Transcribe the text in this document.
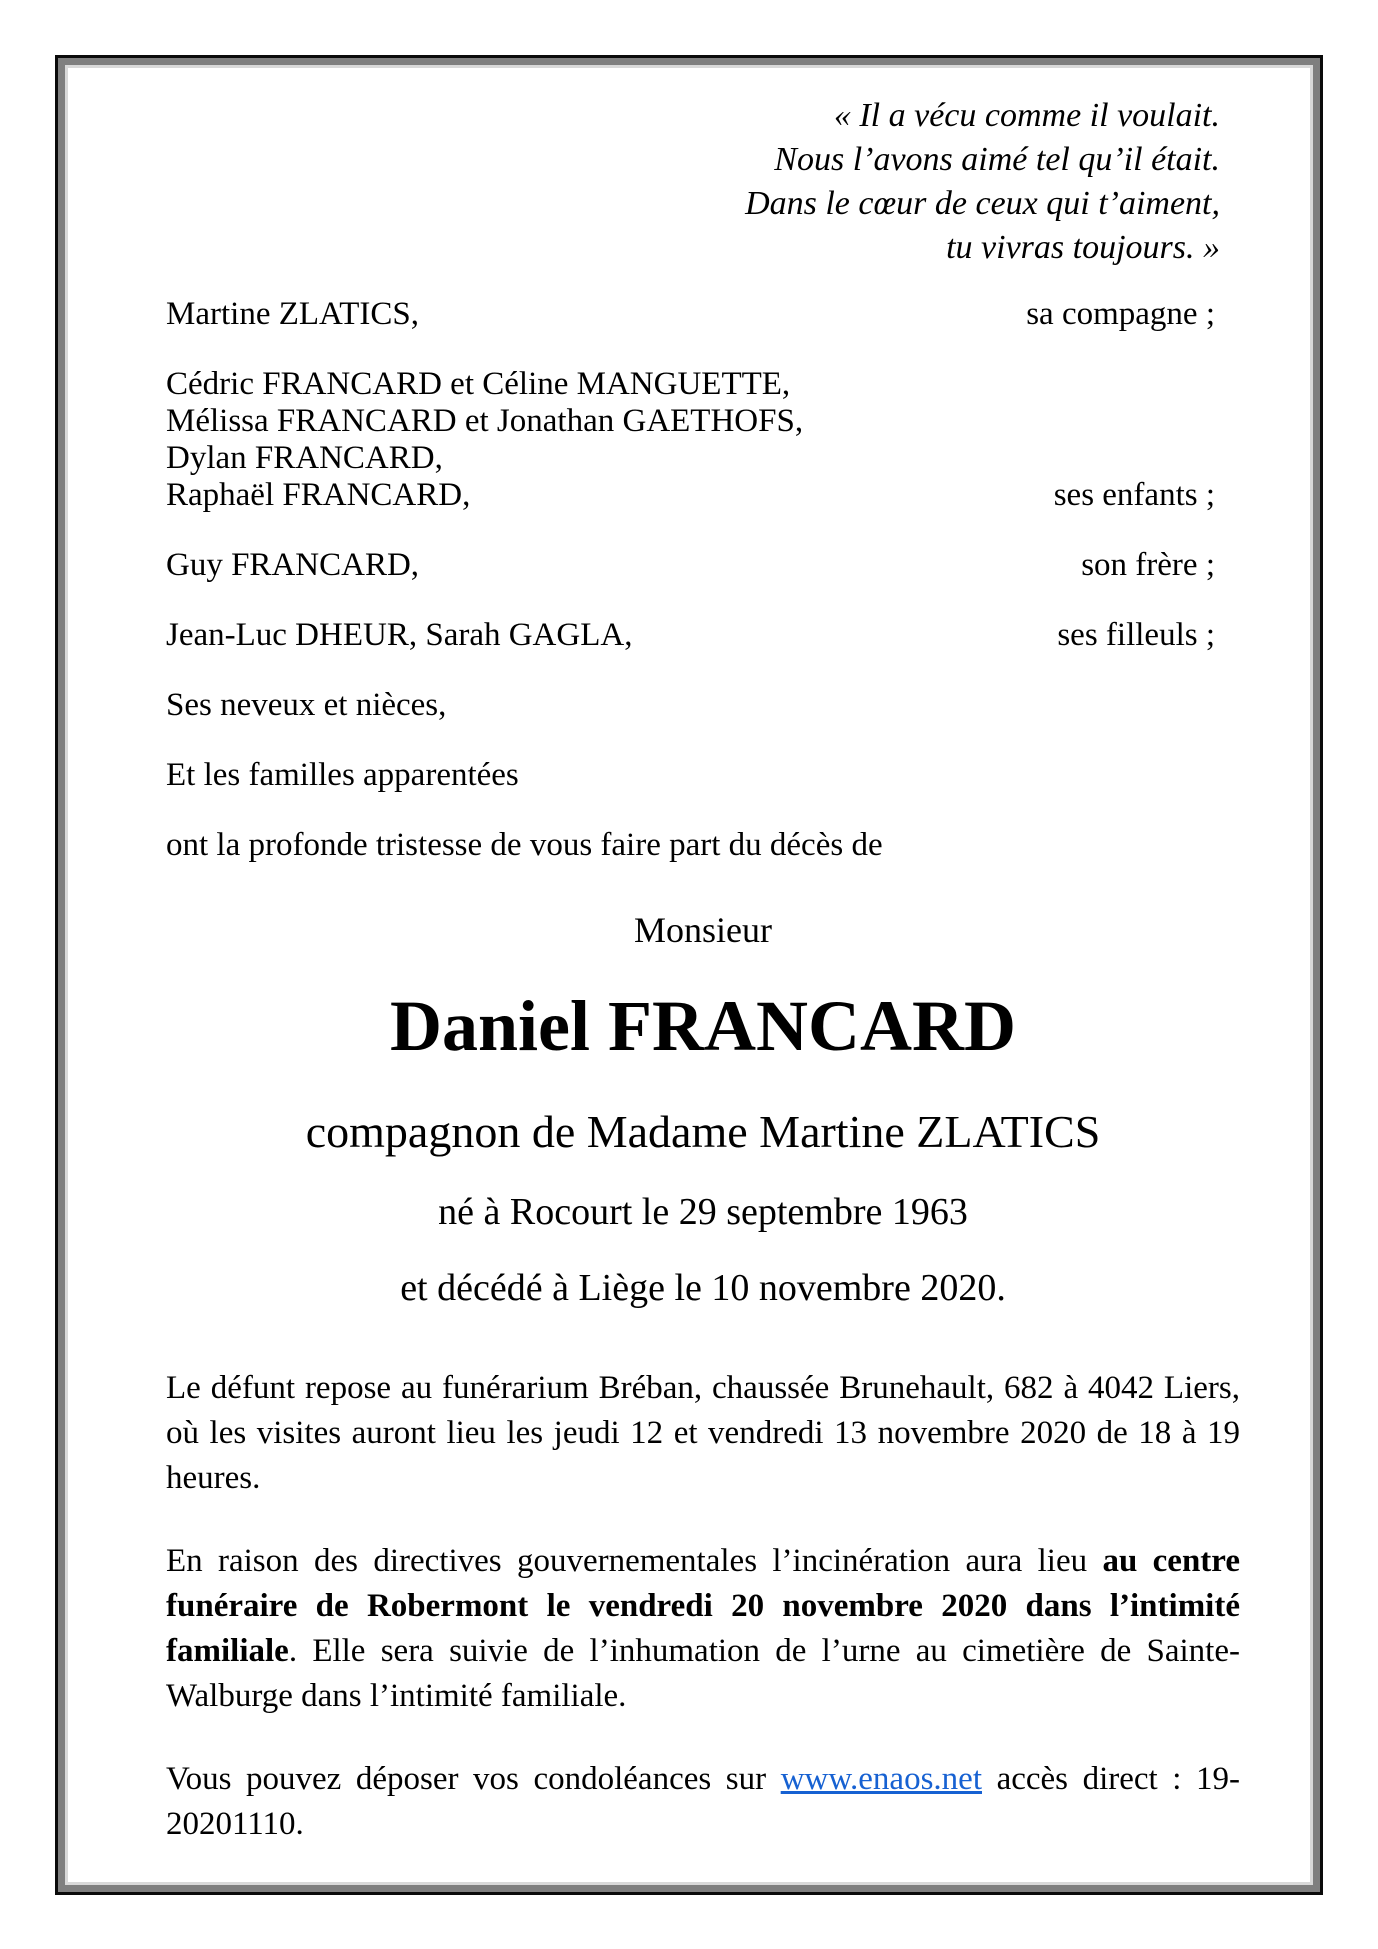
« Il a vécu comme il voulait.
Nous l’avons aimé tel qu’il était.
Dans le cœur de ceux qui t’aiment,
tu vivras toujours. »
Martine ZLATICS,	sa compagne ;
Cédric FRANCARD et Céline MANGUETTE,
Mélissa FRANCARD et Jonathan GAETHOFS,
Dylan FRANCARD,
Raphaël FRANCARD,	ses enfants ;
Guy FRANCARD,	son frère ;
Jean-Luc DHEUR, Sarah GAGLA,	ses filleuls ;
Ses neveux et nièces,
Et les familles apparentées

ont la profonde tristesse de vous faire part du décès de

Monsieur

Daniel FRANCARD

compagnon de Madame Martine ZLATICS

né à Rocourt le 29 septembre 1963

et décédé à Liège le 10 novembre 2020.

Le défunt repose au funérarium Bréban, chaussée Brunehault, 682 à 4042 Liers, où les visites auront lieu les jeudi 12 et vendredi 13 novembre 2020 de 18 à 19 heures.

En raison des directives gouvernementales l’incinération aura lieu au centre funéraire de Robermont le vendredi 20 novembre 2020 dans l’intimité familiale. Elle sera suivie de l’inhumation de l’urne au cimetière de Sainte-Walburge dans l’intimité familiale.

Vous pouvez déposer vos condoléances sur www.enaos.net accès direct : 19-20201110.
